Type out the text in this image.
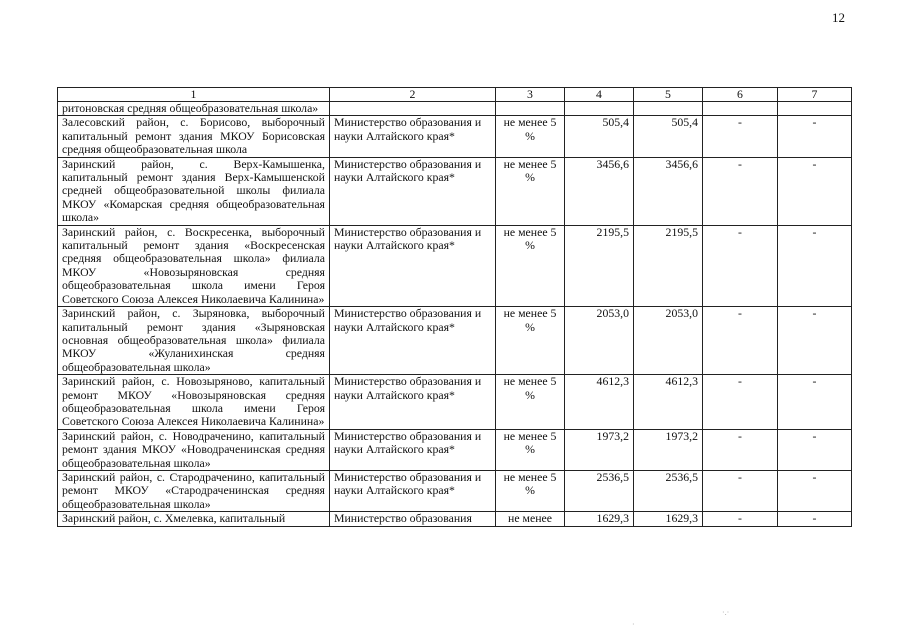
12
1	2	3	4	5	6	7
ритоновская средняя общеобразовательная школа»						
Залесовский район, с. Борисово, выборочный капитальный ремонт здания МКОУ Борисовская средняя общеобразовательная школа	Министерство образования и науки Алтайского края*	не менее 5 %	505,4	505,4	-	-
Заринский район, с. Верх-Камышенка, капитальный ремонт здания Верх-Камышенской средней общеобразовательной школы филиала МКОУ «Комарская средняя общеобразовательная школа»	Министерство образования и науки Алтайского края*	не менее 5 %	3456,6	3456,6	-	-
Заринский район, с. Воскресенка, выборочный капитальный ремонт здания «Воскресенская средняя общеобразовательная школа» филиала МКОУ «Новозыряновская средняя общеобразовательная школа имени Героя Советского Союза Алексея Николаевича Калинина»	Министерство образования и науки Алтайского края*	не менее 5 %	2195,5	2195,5	-	-
Заринский район, с. Зыряновка, выборочный капитальный ремонт здания «Зыряновская основная общеобразовательная школа» филиала МКОУ «Жуланихинская средняя общеобразовательная школа»	Министерство образования и науки Алтайского края*	не менее 5 %	2053,0	2053,0	-	-
Заринский район, с. Новозыряново, капитальный ремонт МКОУ «Новозыряновская средняя общеобразовательная школа имени Героя Советского Союза Алексея Николаевича Калинина»	Министерство образования и науки Алтайского края*	не менее 5 %	4612,3	4612,3	-	-
Заринский район, с. Новодраченино, капитальный ремонт здания МКОУ «Новодраченинская средняя общеобразовательная школа»	Министерство образования и науки Алтайского края*	не менее 5 %	1973,2	1973,2	-	-
Заринский район, с. Стародраченино, капитальный ремонт МКОУ «Стародраченинская средняя общеобразовательная школа»	Министерство образования и науки Алтайского края*	не менее 5 %	2536,5	2536,5	-	-
Заринский район, с. Хмелевка, капитальный	Министерство образования	не менее	1629,3	1629,3	-	-
·.·
·
